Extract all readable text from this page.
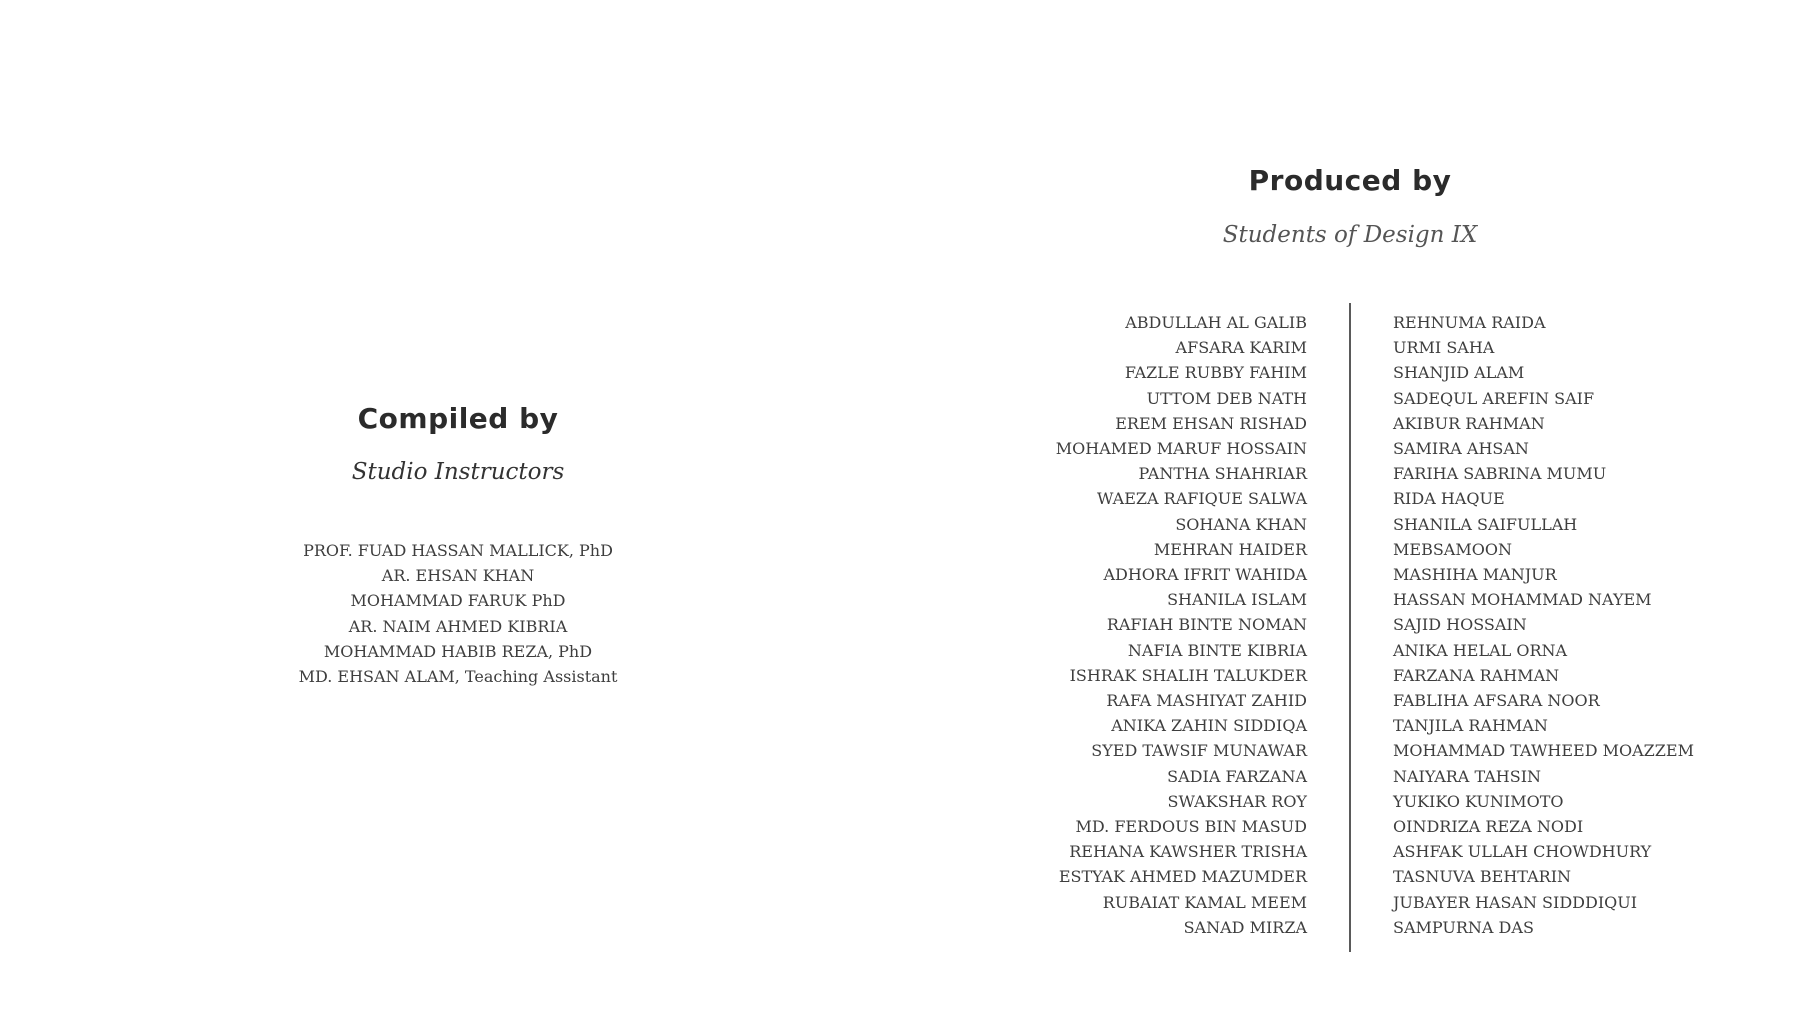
Compiled by
Studio Instructors
PROF. FUAD HASSAN MALLICK, PhD
AR. EHSAN KHAN
MOHAMMAD FARUK PhD
AR. NAIM AHMED KIBRIA
MOHAMMAD HABIB REZA, PhD
MD. EHSAN ALAM, Teaching Assistant
Produced by
Students of Design IX
ABDULLAH AL GALIB
AFSARA KARIM
FAZLE RUBBY FAHIM
UTTOM DEB NATH
EREM EHSAN RISHAD
MOHAMED MARUF HOSSAIN
PANTHA SHAHRIAR
WAEZA RAFIQUE SALWA
SOHANA KHAN
MEHRAN HAIDER
ADHORA IFRIT WAHIDA
SHANILA ISLAM
RAFIAH BINTE NOMAN
NAFIA BINTE KIBRIA
ISHRAK SHALIH TALUKDER
RAFA MASHIYAT ZAHID
ANIKA ZAHIN SIDDIQA
SYED TAWSIF MUNAWAR
SADIA FARZANA
SWAKSHAR ROY
MD. FERDOUS BIN MASUD
REHANA KAWSHER TRISHA
ESTYAK AHMED MAZUMDER
RUBAIAT KAMAL MEEM
SANAD MIRZA
REHNUMA RAIDA
URMI SAHA
SHANJID ALAM
SADEQUL AREFIN SAIF
AKIBUR RAHMAN
SAMIRA AHSAN
FARIHA SABRINA MUMU
RIDA HAQUE
SHANILA SAIFULLAH
MEBSAMOON
MASHIHA MANJUR
HASSAN MOHAMMAD NAYEM
SAJID HOSSAIN
ANIKA HELAL ORNA
FARZANA RAHMAN
FABLIHA AFSARA NOOR
TANJILA RAHMAN
MOHAMMAD TAWHEED MOAZZEM
NAIYARA TAHSIN
YUKIKO KUNIMOTO
OINDRIZA REZA NODI
ASHFAK ULLAH CHOWDHURY
TASNUVA BEHTARIN
JUBAYER HASAN SIDDDIQUI
SAMPURNA DAS
